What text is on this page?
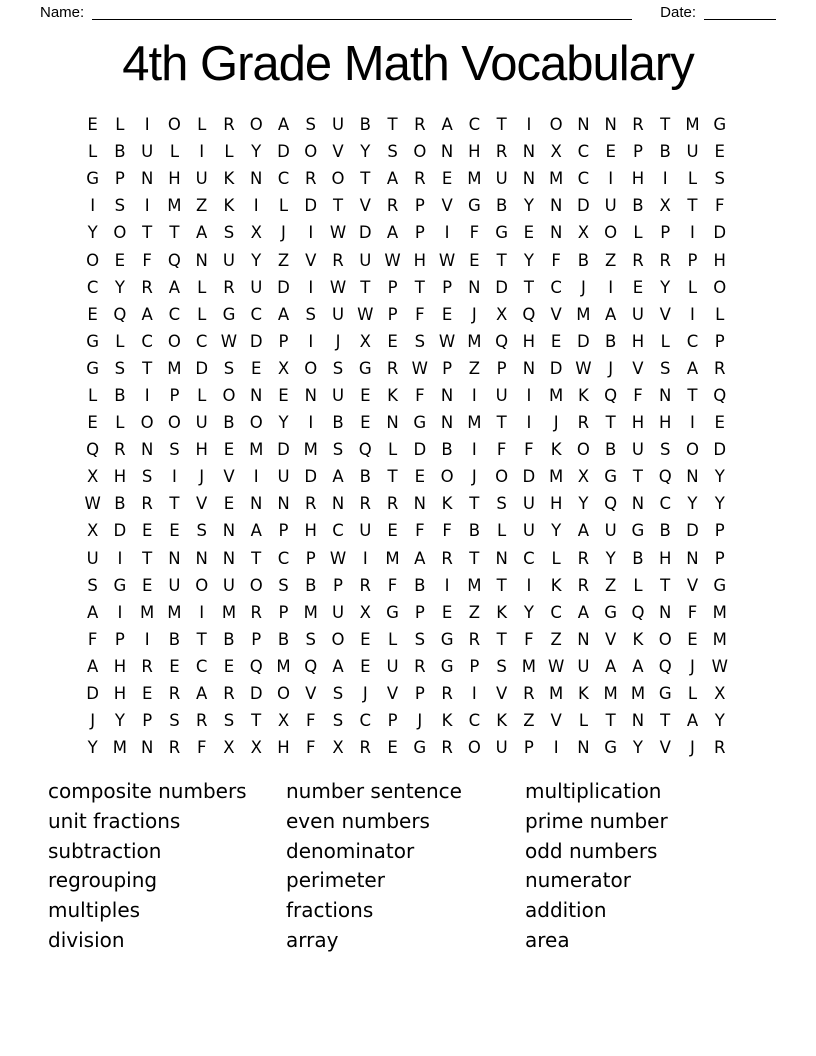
Name:	Date:
4th Grade Math Vocabulary
E	L	I	O L	R O A S U B	T R A C T	I	O N N R T M G
L	B U	L	I	L	Y D O V	Y	S O N H R N X C E	P	B U E
G P N H U K N C R O T	A R E M U N M C	I	H	I	L	S
I	S	I	M Z K	I	L D T	V R	P	V G B	Y N D U B X	T	F
Y O T	T	A S X	J	I	W D A	P	I	F G E N X O L	P	I	D
O E	F Q N U Y	Z V R U W H W E	T	Y	F	B Z R R	P H
C Y R A	L	R U D	I	W T	P	T	P N D T C	J	I	E	Y	L O
E Q A C	L G C A S U W P	F	E	J	X Q V M A U V	I	L
G L	C O C W D P	I	J	X E	S W M Q H E D B H L	C	P
G S	T M D S	E X O S G R W P	Z	P N D W	J	V S A R
L	B	I	P	L O N E N U E	K	F N	I	U	I	M K Q F N T Q
E	L O O U B O Y	I	B E N G N M T	I	J	R T H H	I	E
Q R N S H E M D M S Q L D B	I	F	F	K O B U S O D
X H S	I	J	V	I	U D A B	T	E O	J	O D M X G T Q N Y
W B R T	V E N N R N R R N K	T	S U H Y Q N C Y	Y
X D E	E	S N A	P H C U E	F	F	B	L	U Y	A U G B D P
U	I	T N N N T C	P W	I	M A R T N C	L	R Y	B H N P
S G E U O U O S B	P	R	F	B	I	M T	I	K R Z	L	T	V G
A	I	M M	I	M R	P M U X G P	E Z K	Y C A G Q N F M
F	P	I	B	T	B	P	B S O E	L	S G R T	F	Z N V K O E M
A H R E C E Q M Q A E U R G P	S M W U A A Q	J	W
D H E R A R D O V S	J	V	P	R	I	V R M K M M G L	X
J	Y	P	S R S	T	X	F	S C	P	J	K C K Z V	L	T N T	A	Y
Y M N R	F	X X H F	X R E G R O U P	I	N G Y	V	J	R
composite numbers
unit fractions
subtraction
regrouping
multiples
division
number sentence
even numbers
denominator
perimeter
fractions
array
multiplication
prime number
odd numbers
numerator
addition
area
